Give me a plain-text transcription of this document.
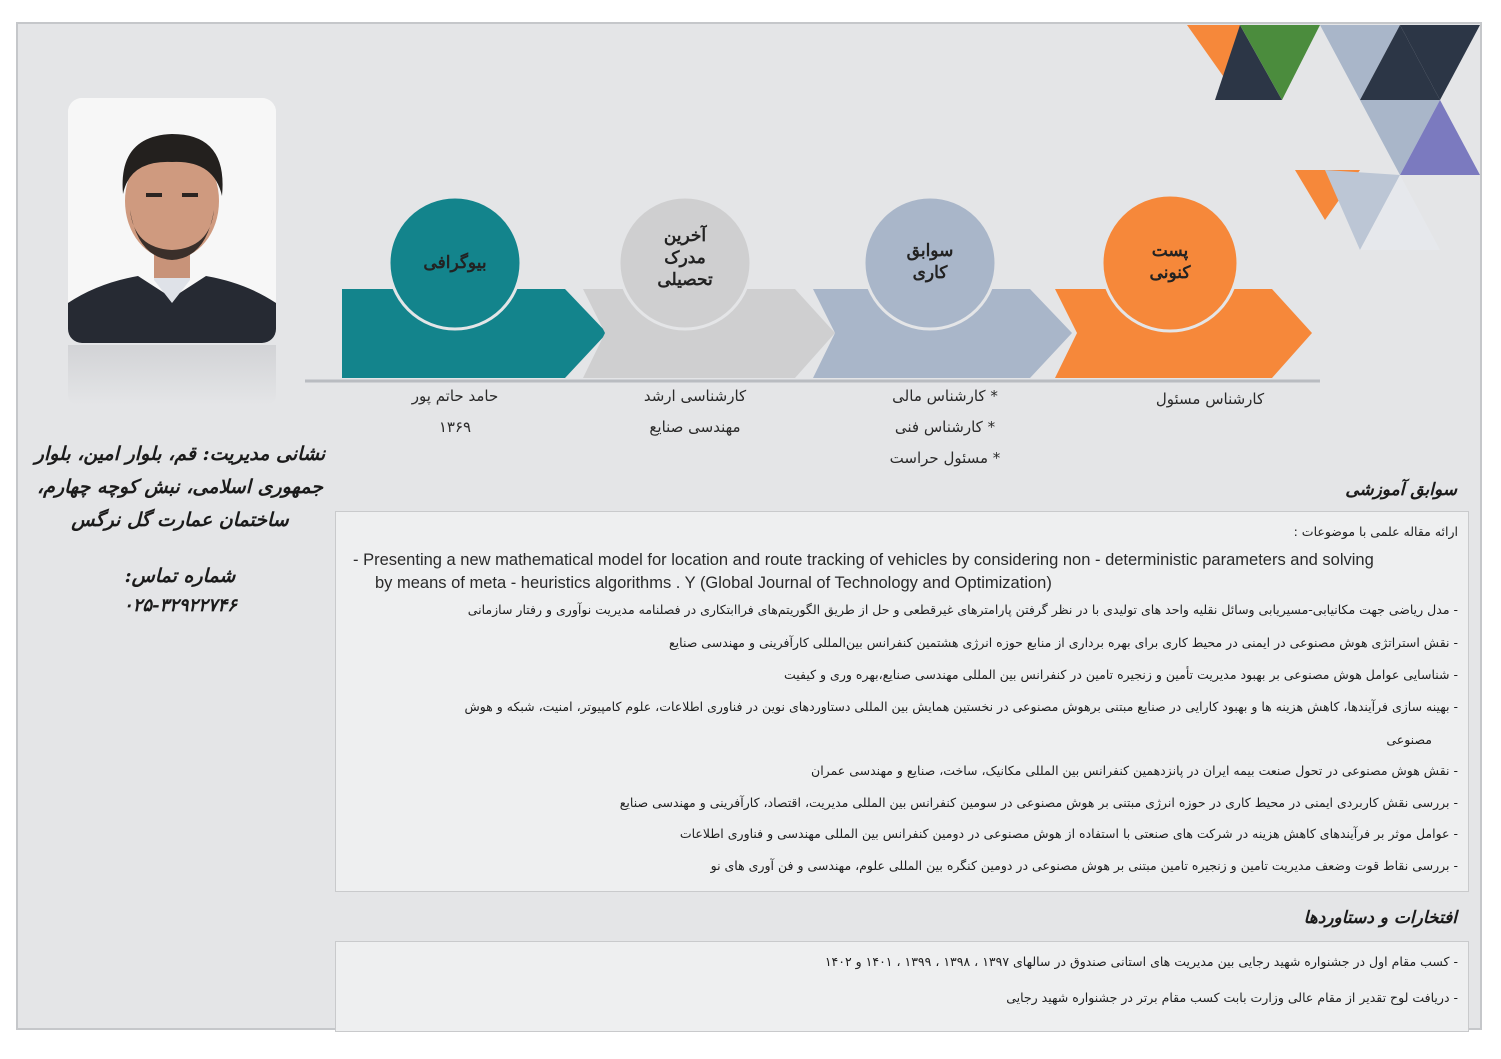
نشانی مدیریت: قم، بلوار امین، بلوار جمهوری اسلامی، نبش کوچه چهارم، ساختمان عمارت گل نرگس
شماره تماس:
۰۲۵-۳۲۹۲۲۷۴۶
بیوگرافی
آخرین
مدرک
تحصیلی
سوابق
کاری
پست
کنونی
حامد حاتم پور
۱۳۶۹
کارشناسی ارشد
مهندسی صنایع
* کارشناس مالی
* کارشناس فنی
* مسئول حراست
کارشناس مسئول
سوابق آموزشی
ارائه مقاله علمی با موضوعات :
- Presenting a new mathematical model for location and route tracking of vehicles by considering non - deterministic parameters and solving
by means of meta - heuristics algorithms . Y (Global Journal of Technology and Optimization)
- مدل ریاضی جهت مکانیابی-مسیریابی وسائل نقلیه واحد های تولیدی با در نظر گرفتن پارامترهای غیرقطعی و حل از طریق الگوریتم‌های فراابتکاری در فصلنامه مدیریت نوآوری و رفتار سازمانی
- نقش استراتژی هوش مصنوعی در ایمنی در محیط کاری برای بهره برداری از منابع حوزه انرژی هشتمین کنفرانس بین‌المللی کارآفرینی و مهندسی صنایع
- شناسایی عوامل هوش مصنوعی بر بهبود مدیریت تأمین و زنجیره تامین در کنفرانس بین المللی مهندسی صنایع،بهره وری و کیفیت
- بهینه سازی فرآیندها، کاهش هزینه ها و بهبود کارایی در صنایع مبتنی برهوش مصنوعی در نخستین همایش بین المللی دستاوردهای نوین در فناوری اطلاعات، علوم کامپیوتر، امنیت، شبکه و هوش
مصنوعی
- نقش هوش مصنوعی در تحول صنعت بیمه ایران در پانزدهمین کنفرانس بین المللی مکانیک، ساخت، صنایع و مهندسی عمران
- بررسی نقش کاربردی ایمنی در محیط کاری در حوزه انرژی مبتنی بر هوش مصنوعی در سومین کنفرانس بین المللی مدیریت، اقتصاد، کارآفرینی و مهندسی صنایع
- عوامل موثر بر فرآیندهای کاهش هزینه در شرکت های صنعتی با استفاده از هوش مصنوعی در دومین کنفرانس بین المللی مهندسی و فناوری اطلاعات
- بررسی نقاط قوت وضعف مدیریت تامین و زنجیره تامین مبتنی بر هوش مصنوعی در دومین کنگره بین المللی علوم، مهندسی و فن آوری های نو
افتخارات و دستاوردها
- کسب مقام اول در جشنواره شهید رجایی بین مدیریت های استانی صندوق در سالهای ۱۳۹۷ ، ۱۳۹۸ ، ۱۳۹۹ ، ۱۴۰۱ و ۱۴۰۲
- دریافت لوح تقدیر از مقام عالی وزارت بابت کسب مقام برتر در جشنواره شهید رجایی
